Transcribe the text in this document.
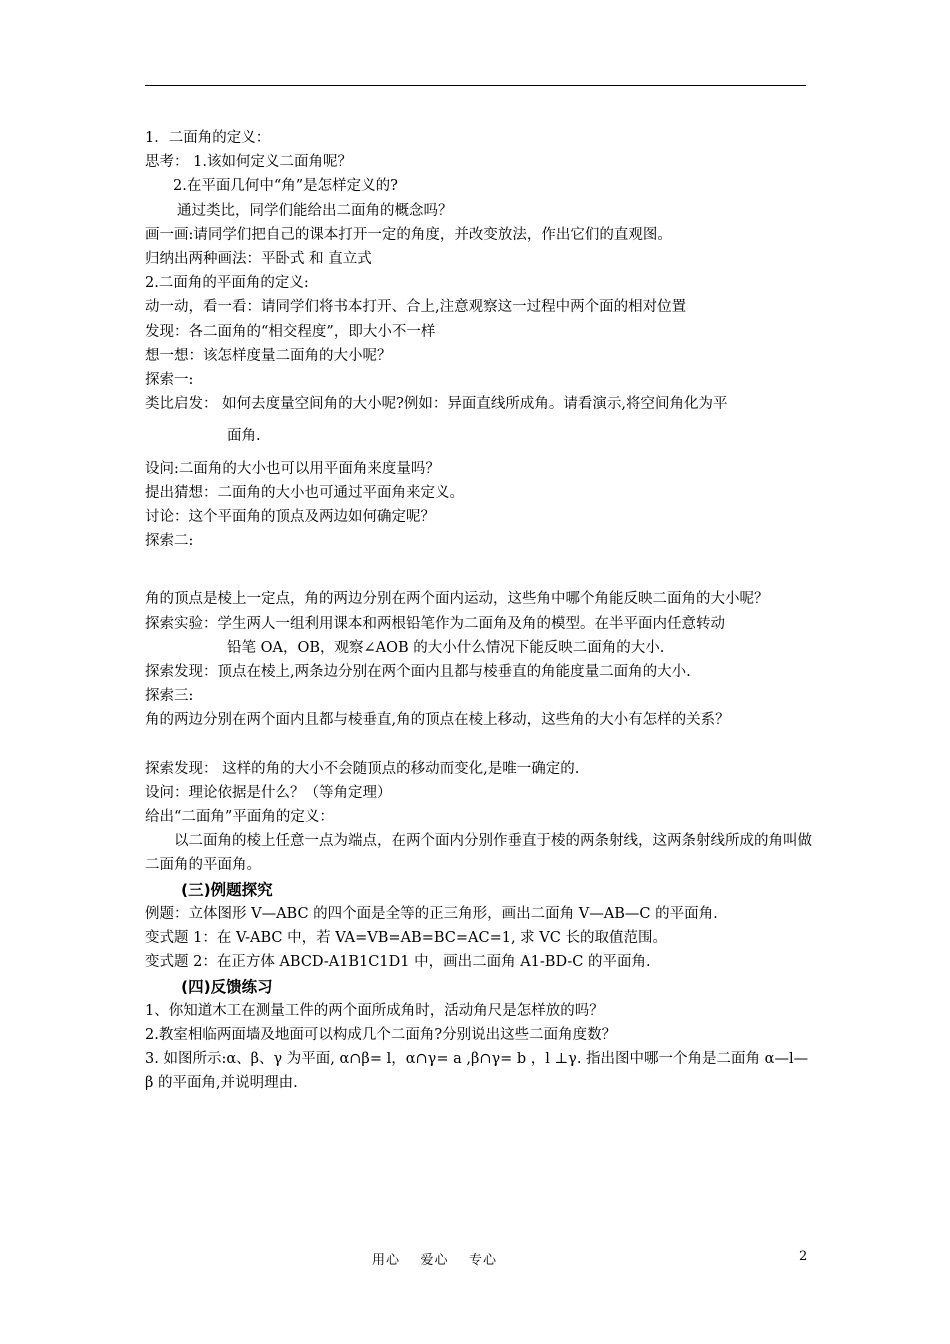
1．二面角的定义：
思考： 1.该如何定义二面角呢？
2.在平面几何中“角”是怎样定义的?
通过类比，同学们能给出二面角的概念吗？
画一画:请同学们把自己的课本打开一定的角度，并改变放法，作出它们的直观图。
归纳出两种画法：平卧式 和 直立式
2.二面角的平面角的定义:
动一动，看一看：请同学们将书本打开、合上,注意观察这一过程中两个面的相对位置
发现：各二面角的“相交程度”，即大小不一样
想一想：该怎样度量二面角的大小呢？
探索一:
类比启发： 如何去度量空间角的大小呢?例如：异面直线所成角。请看演示,将空间角化为平
面角.
设问:二面角的大小也可以用平面角来度量吗？
提出猜想：二面角的大小也可通过平面角来定义。
讨论：这个平面角的顶点及两边如何确定呢？
探索二:
角的顶点是棱上一定点，角的两边分别在两个面内运动，这些角中哪个角能反映二面角的大小呢？
探索实验：学生两人一组利用课本和两根铅笔作为二面角及角的模型。在半平面内任意转动
铅笔 OA，OB，观察∠AOB 的大小什么情况下能反映二面角的大小.
探索发现：顶点在棱上,两条边分别在两个面内且都与棱垂直的角能度量二面角的大小.
探索三:
角的两边分别在两个面内且都与棱垂直,角的顶点在棱上移动，这些角的大小有怎样的关系？
探索发现： 这样的角的大小不会随顶点的移动而变化,是唯一确定的.
设问：理论依据是什么？（等角定理）
给出“二面角”平面角的定义：
以二面角的棱上任意一点为端点，在两个面内分别作垂直于棱的两条射线，这两条射线所成的角叫做二面角的平面角。
(三)例题探究
例题：立体图形 V—ABC 的四个面是全等的正三角形，画出二面角 V—AB—C 的平面角.
变式题 1：在 V-ABC 中，若 VA=VB=AB=BC=AC=1, 求 VC 长的取值范围。
变式题 2：在正方体 ABCD-A1B1C1D1 中，画出二面角 A1-BD-C 的平面角.
(四)反馈练习
1、你知道木工在测量工件的两个面所成角时，活动角尺是怎样放的吗？
2.教室相临两面墙及地面可以构成几个二面角?分别说出这些二面角度数？
3. 如图所示:α、β、γ 为平面, α∩β= l，α∩γ= a ,β∩γ= b ，l ⊥γ. 指出图中哪一个角是二面角 α—l—β 的平面角,并说明理由.
用心    爱心    专心	2
